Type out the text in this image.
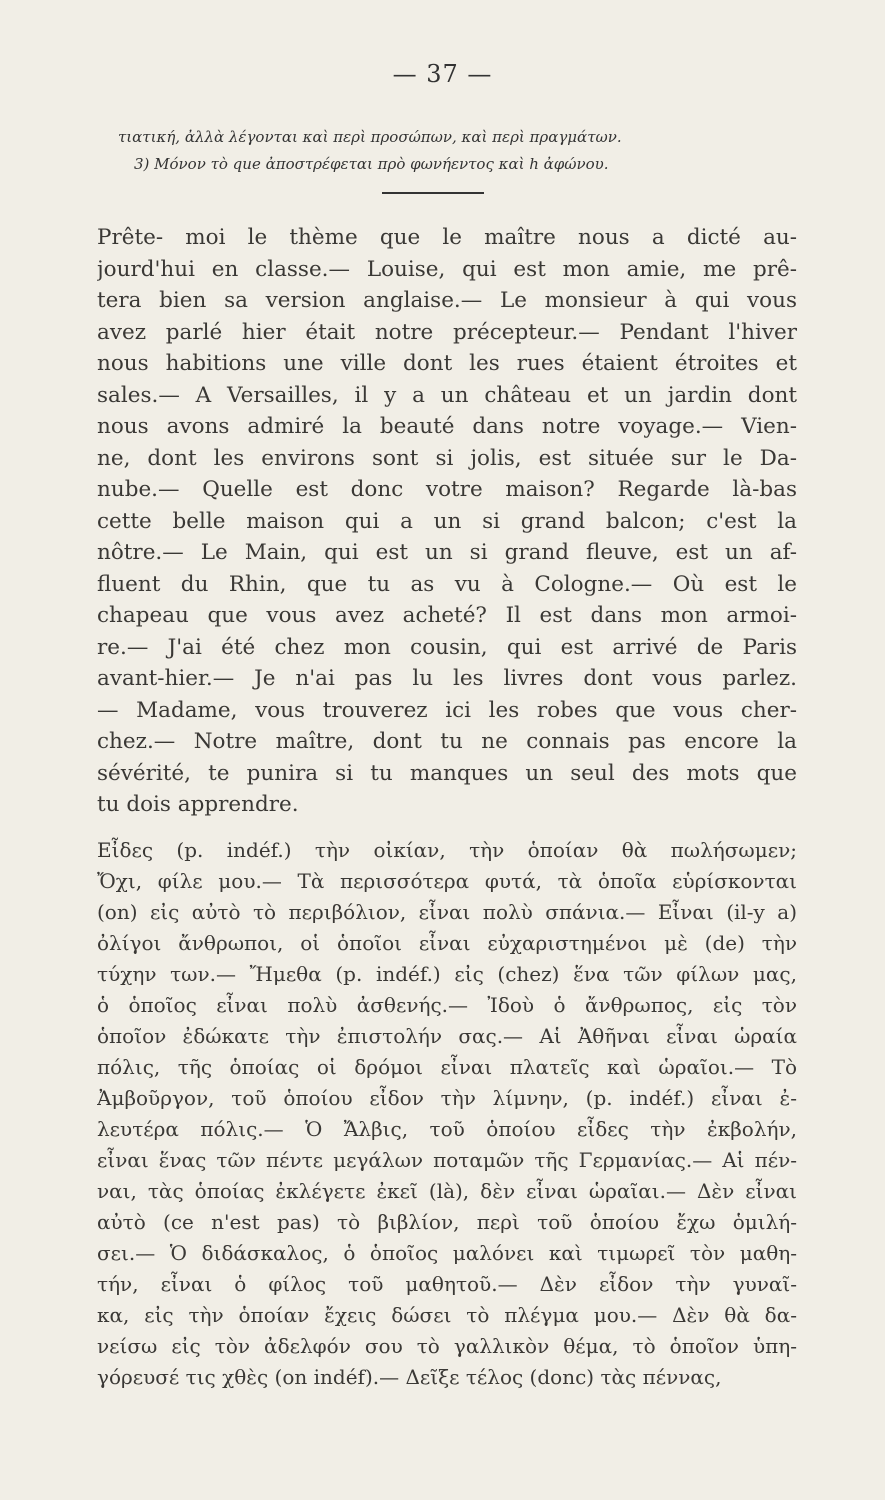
— 37 —

τιατική, ἀλλὰ λέγονται καὶ περὶ προσώπων, καὶ περὶ πραγμάτων.

3) Μόνον τὸ que ἀποστρέφεται πρὸ φωνήεντος καὶ h ἀφώνου.

Prête- moi le thème que le maître nous a dicté au-
jourd'hui en classe.— Louise, qui est mon amie, me prê-
tera bien sa version anglaise.— Le monsieur à qui vous
avez parlé hier était notre précepteur.— Pendant l'hiver
nous habitions une ville dont les rues étaient étroites et
sales.— A Versailles, il y a un château et un jardin dont
nous avons admiré la beauté dans notre voyage.— Vien-
ne, dont les environs sont si jolis, est située sur le Da-
nube.— Quelle est donc votre maison? Regarde là-bas
cette belle maison qui a un si grand balcon; c'est la
nôtre.— Le Main, qui est un si grand fleuve, est un af-
fluent du Rhin, que tu as vu à Cologne.— Où est le
chapeau que vous avez acheté? Il est dans mon armoi-
re.— J'ai été chez mon cousin, qui est arrivé de Paris
avant-hier.— Je n'ai pas lu les livres dont vous parlez.
— Madame, vous trouverez ici les robes que vous cher-
chez.— Notre maître, dont tu ne connais pas encore la
sévérité, te punira si tu manques un seul des mots que
tu dois apprendre.
Εἶδες (p. indéf.) τὴν οἰκίαν, τὴν ὁποίαν θὰ πωλήσωμεν;
Ὄχι, φίλε μου.— Τὰ περισσότερα φυτά, τὰ ὁποῖα εὑρίσκονται
(on) εἰς αὐτὸ τὸ περιβόλιον, εἶναι πολὺ σπάνια.— Εἶναι (il-y a)
ὀλίγοι ἄνθρωποι, οἱ ὁποῖοι εἶναι εὐχαριστημένοι μὲ (de) τὴν
τύχην των.— Ἤμεθα (p. indéf.) εἰς (chez) ἕνα τῶν φίλων μας,
ὁ ὁποῖος εἶναι πολὺ ἀσθενής.— Ἰδοὺ ὁ ἄνθρωπος, εἰς τὸν
ὁποῖον ἐδώκατε τὴν ἐπιστολήν σας.— Αἱ Ἀθῆναι εἶναι ὡραία
πόλις, τῆς ὁποίας οἱ δρόμοι εἶναι πλατεῖς καὶ ὡραῖοι.— Τὸ
Ἀμβοῦργον, τοῦ ὁποίου εἶδον τὴν λίμνην, (p. indéf.) εἶναι ἐ-
λευτέρα πόλις.— Ὁ Ἄλβις, τοῦ ὁποίου εἶδες τὴν ἐκβολήν,
εἶναι ἕνας τῶν πέντε μεγάλων ποταμῶν τῆς Γερμανίας.— Αἱ πέν-
ναι, τὰς ὁποίας ἐκλέγετε ἐκεῖ (là), δὲν εἶναι ὡραῖαι.— Δὲν εἶναι
αὐτὸ (ce n'est pas) τὸ βιβλίον, περὶ τοῦ ὁποίου ἔχω ὁμιλή-
σει.— Ὁ διδάσκαλος, ὁ ὁποῖος μαλόνει καὶ τιμωρεῖ τὸν μαθη-
τήν, εἶναι ὁ φίλος τοῦ μαθητοῦ.— Δὲν εἶδον τὴν γυναῖ-
κα, εἰς τὴν ὁποίαν ἔχεις δώσει τὸ πλέγμα μου.— Δὲν θὰ δα-
νείσω εἰς τὸν ἀδελφόν σου τὸ γαλλικὸν θέμα, τὸ ὁποῖον ὑπη-
γόρευσέ τις χθὲς (on indéf).— Δεῖξε τέλος (donc) τὰς πέννας,
